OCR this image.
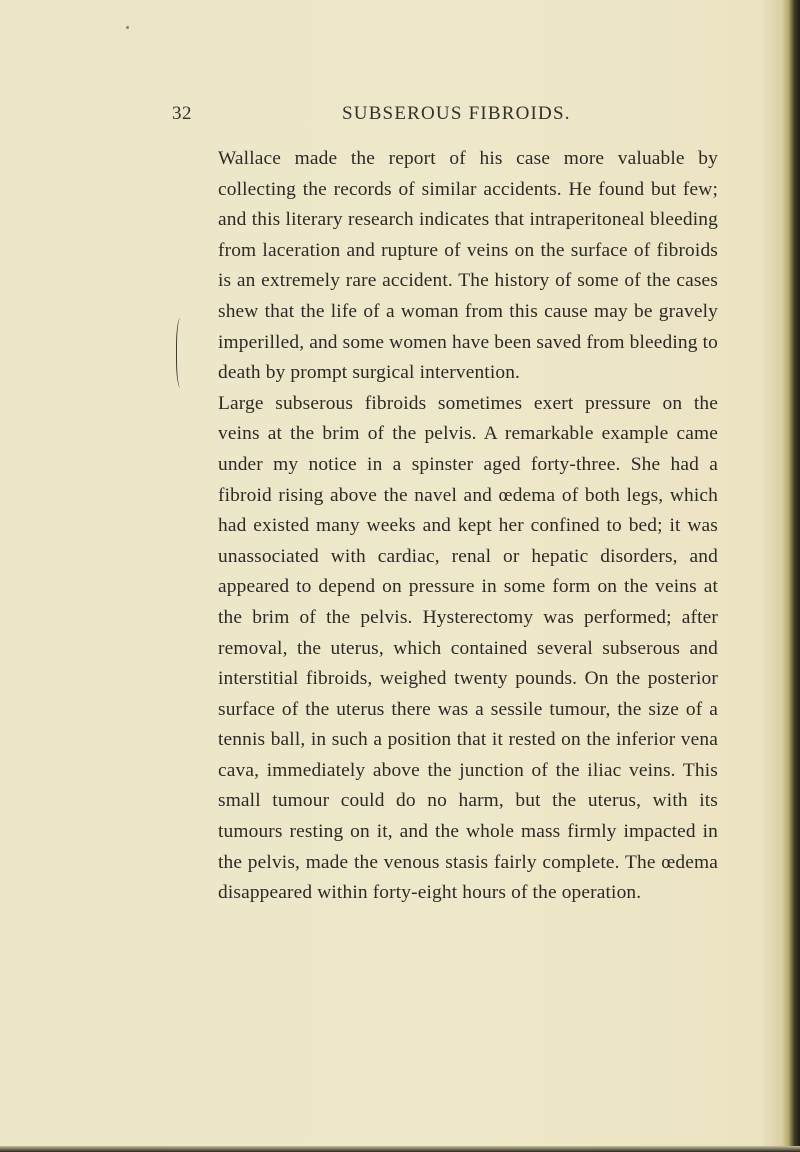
32	SUBSEROUS FIBROIDS.

Wallace made the report of his case more valuable by collecting the records of similar accidents. He found but few; and this literary research indicates that intraperitoneal bleeding from laceration and rupture of veins on the surface of fibroids is an extremely rare accident. The history of some of the cases shew that the life of a woman from this cause may be gravely imperilled, and some women have been saved from bleeding to death by prompt surgical intervention.

Large subserous fibroids sometimes exert pressure on the veins at the brim of the pelvis. A remarkable example came under my notice in a spinster aged forty-three. She had a fibroid rising above the navel and œdema of both legs, which had existed many weeks and kept her confined to bed; it was unassociated with cardiac, renal or hepatic disorders, and appeared to depend on pressure in some form on the veins at the brim of the pelvis. Hysterectomy was performed; after removal, the uterus, which contained several subserous and interstitial fibroids, weighed twenty pounds. On the posterior surface of the uterus there was a sessile tumour, the size of a tennis ball, in such a position that it rested on the inferior vena cava, immediately above the junction of the iliac veins. This small tumour could do no harm, but the uterus, with its tumours resting on it, and the whole mass firmly impacted in the pelvis, made the venous stasis fairly complete. The œdema disappeared within forty-eight hours of the operation.
